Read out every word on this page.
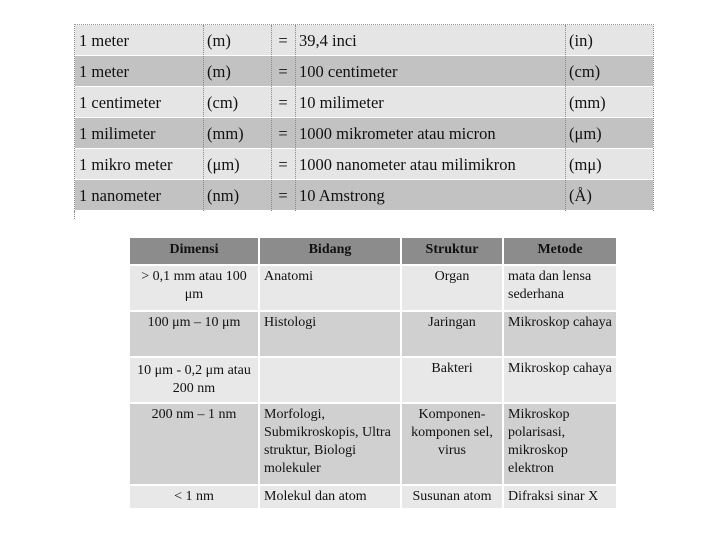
1 meter	(m)	= 39,4 inci	(in)
1 meter	(m)	= 100 centimeter	(cm)
1 centimeter	(cm)	= 10 milimeter	(mm)
1 milimeter	(mm)	= 1000 mikrometer atau micron	(μm)
1 mikro meter	(μm)	= 1000 nanometer atau milimikron	(mμ)
1 nanometer	(nm)	= 10 Amstrong	(Å)
Dimensi	Bidang	Struktur	Metode
> 0,1 mm atau 100 μm	Anatomi	Organ	mata dan lensa sederhana
100 μm – 10 μm	Histologi	Jaringan	Mikroskop cahaya
10 μm - 0,2 μm atau 200 nm		Bakteri	Mikroskop cahaya
200 nm – 1 nm	Morfologi, Submikroskopis, Ultra struktur, Biologi molekuler	Komponen-komponen sel, virus	Mikroskop polarisasi, mikroskop elektron
< 1 nm	Molekul dan atom	Susunan atom	Difraksi sinar X
